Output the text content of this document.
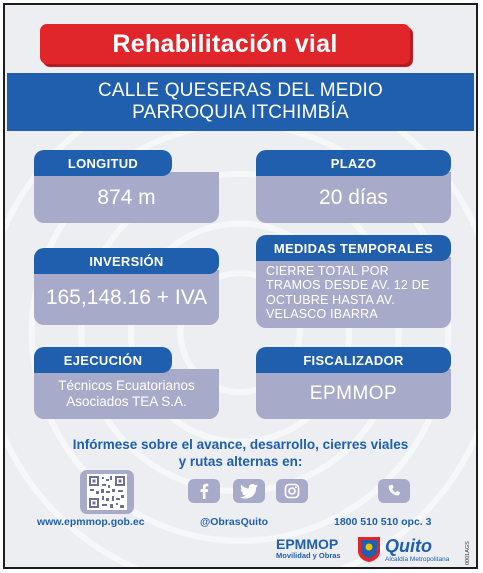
Rehabilitación vial
CALLE QUESERAS DEL MEDIO
PARROQUIA ITCHIMBÍA
874 m
LONGITUD
20 días
PLAZO
165,148.16 + IVA
INVERSIÓN
CIERRE TOTAL POR
TRAMOS DESDE AV. 12 DE
OCTUBRE HASTA AV.
VELASCO IBARRA
MEDIDAS TEMPORALES
Técnicos Ecuatorianos
Asociados TEA S.A.
EJECUCIÓN
EPMMOP
FISCALIZADOR
Infórmese sobre el avance, desarrollo, cierres viales
y rutas alternas en:
www.epmmop.gob.ec	@ObrasQuito	1800 510 510 opc. 3
EPMMOP
Movilidad y Obras	Quito
Alcaldía Metropolitana	0001AGS
